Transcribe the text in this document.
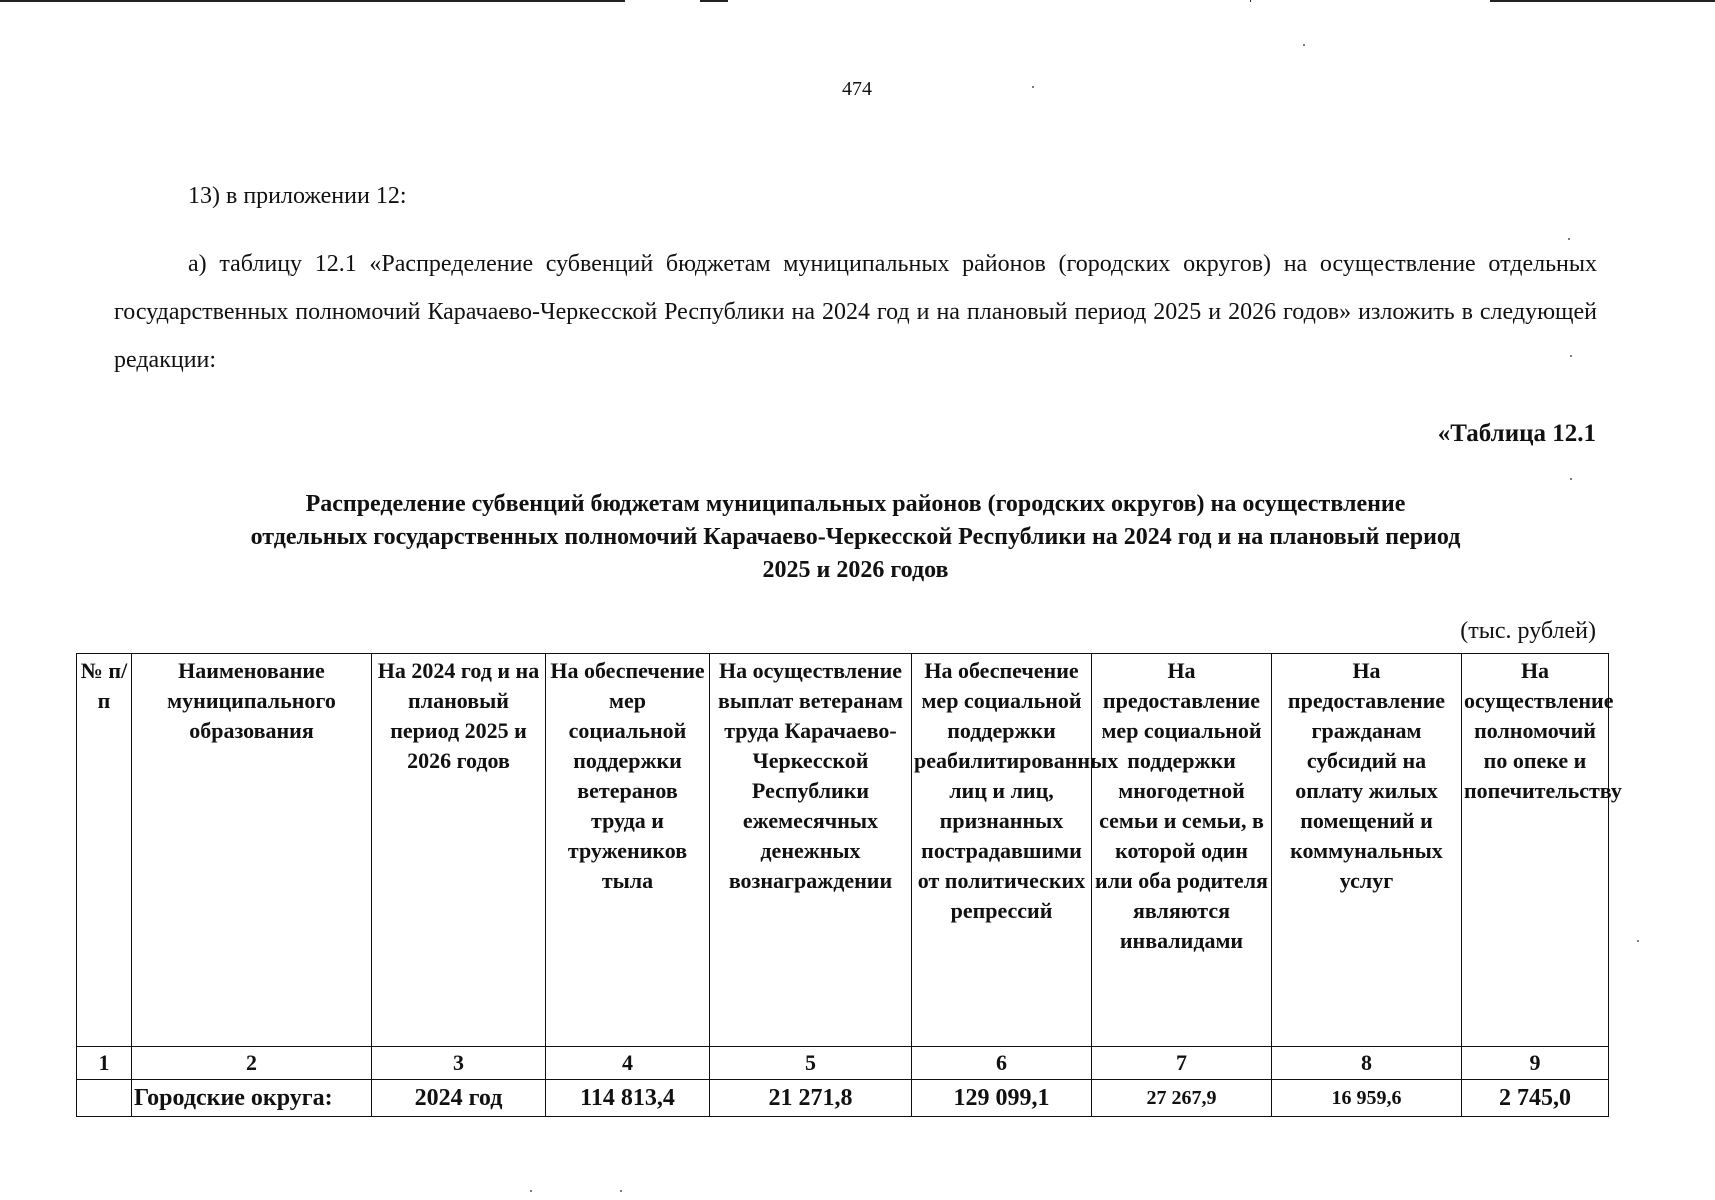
474
13) в приложении 12:
а) таблицу 12.1 «Распределение субвенций бюджетам муниципальных районов (городских округов) на осуществление отдельных государственных полномочий Карачаево-Черкесской Республики на 2024 год и на плановый период 2025 и 2026 годов» изложить в следующей редакции:
«Таблица 12.1
Распределение субвенций бюджетам муниципальных районов (городских округов) на осуществление
отдельных государственных полномочий Карачаево-Черкесской Республики на 2024 год и на плановый период
2025 и 2026 годов
(тыс. рублей)
№ п/п	Наименование муниципального образования	На 2024 год и на плановый период 2025 и 2026 годов	На обеспечение мер социальной поддержки ветеранов труда и тружеников тыла	На осуществление выплат ветеранам труда Карачаево-Черкесской Республики ежемесячных денежных вознаграждении	На обеспечение мер социальной поддержки реабилитированных лиц и лиц, признанных пострадавшими от политических репрессий	На предоставление мер социальной поддержки многодетной семьи и семьи, в которой один или оба родителя являются инвалидами	На предоставление гражданам субсидий на оплату жилых помещений и коммунальных услуг	На осуществление полномочий по опеке и попечительству
1	2	3	4	5	6	7	8	9
	Городские округа:	2024 год	114 813,4	21 271,8	129 099,1	27 267,9	16 959,6	2 745,0
